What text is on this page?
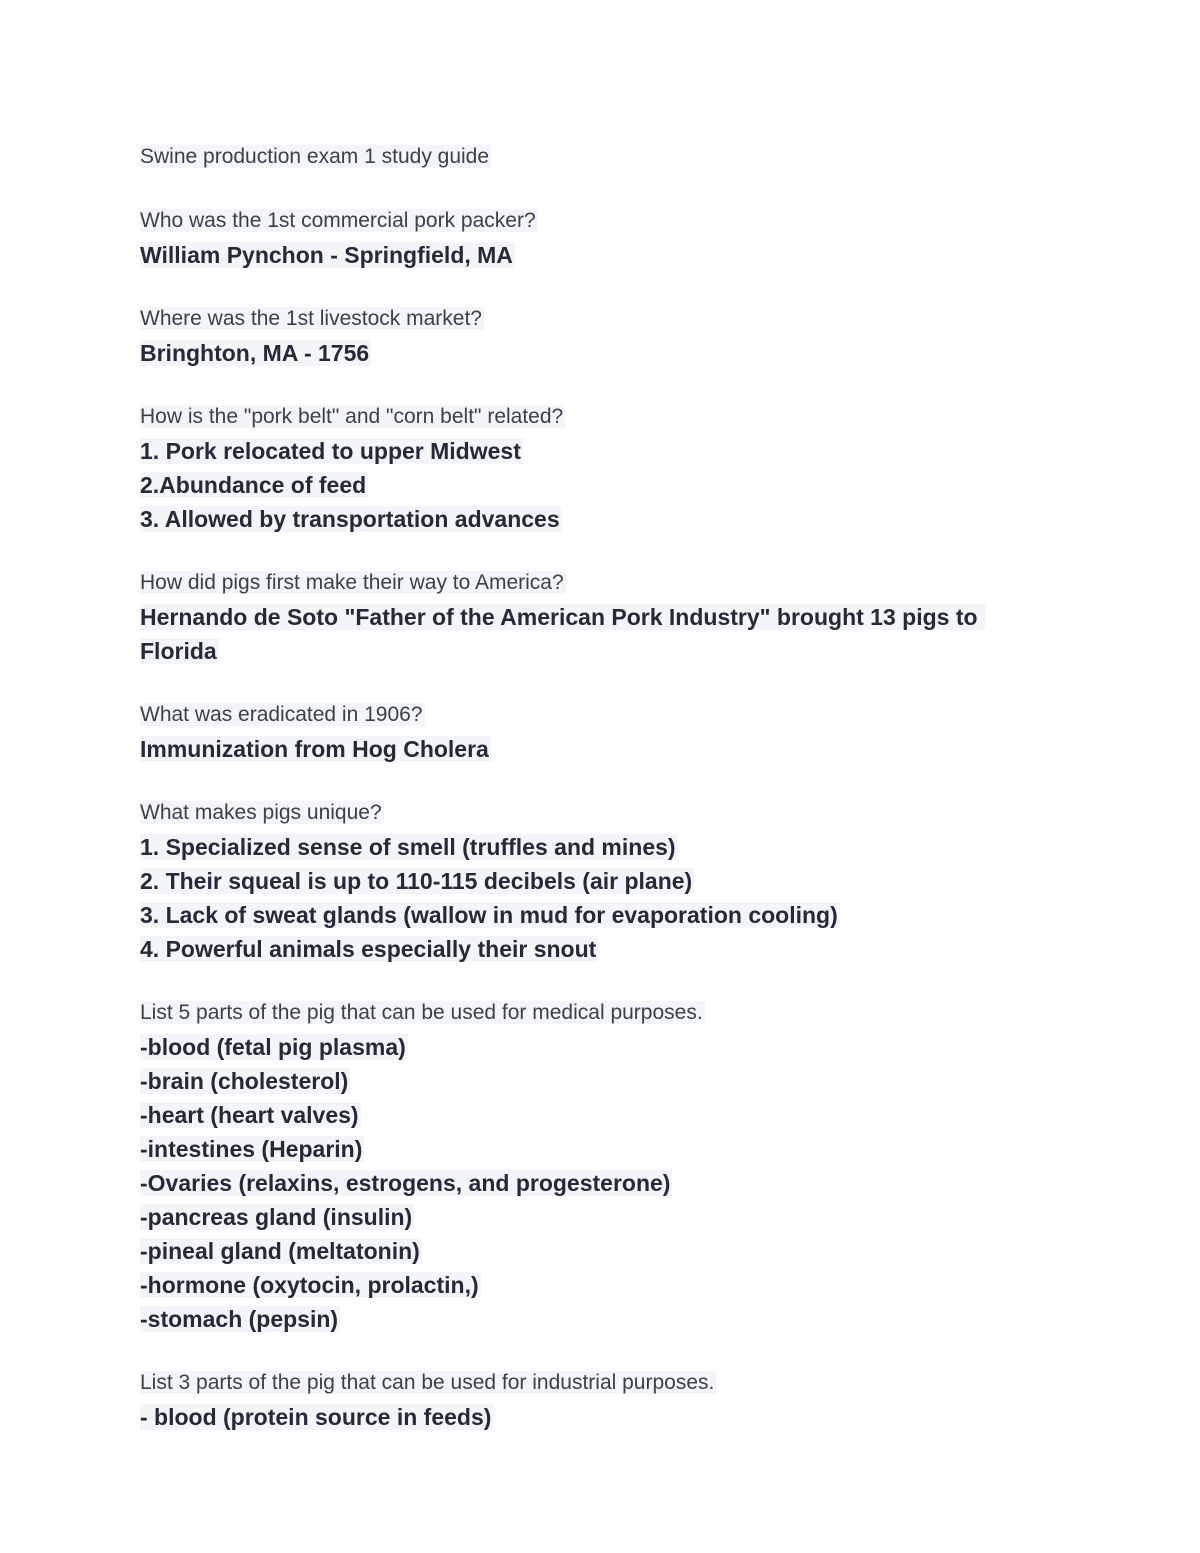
Swine production exam 1 study guide
Who was the 1st commercial pork packer?
William Pynchon - Springfield, MA
Where was the 1st livestock market?
Bringhton, MA - 1756
How is the "pork belt" and "corn belt" related?
1. Pork relocated to upper Midwest
2.Abundance of feed
3. Allowed by transportation advances
How did pigs first make their way to America?
Hernando de Soto "Father of the American Pork Industry" brought 13 pigs to Florida
What was eradicated in 1906?
Immunization from Hog Cholera
What makes pigs unique?
1. Specialized sense of smell (truffles and mines)
2. Their squeal is up to 110-115 decibels (air plane)
3. Lack of sweat glands (wallow in mud for evaporation cooling)
4. Powerful animals especially their snout
List 5 parts of the pig that can be used for medical purposes.
-blood (fetal pig plasma)
-brain (cholesterol)
-heart (heart valves)
-intestines (Heparin)
-Ovaries (relaxins, estrogens, and progesterone)
-pancreas gland (insulin)
-pineal gland (meltatonin)
-hormone (oxytocin, prolactin,)
-stomach (pepsin)
List 3 parts of the pig that can be used for industrial purposes.
- blood (protein source in feeds)
